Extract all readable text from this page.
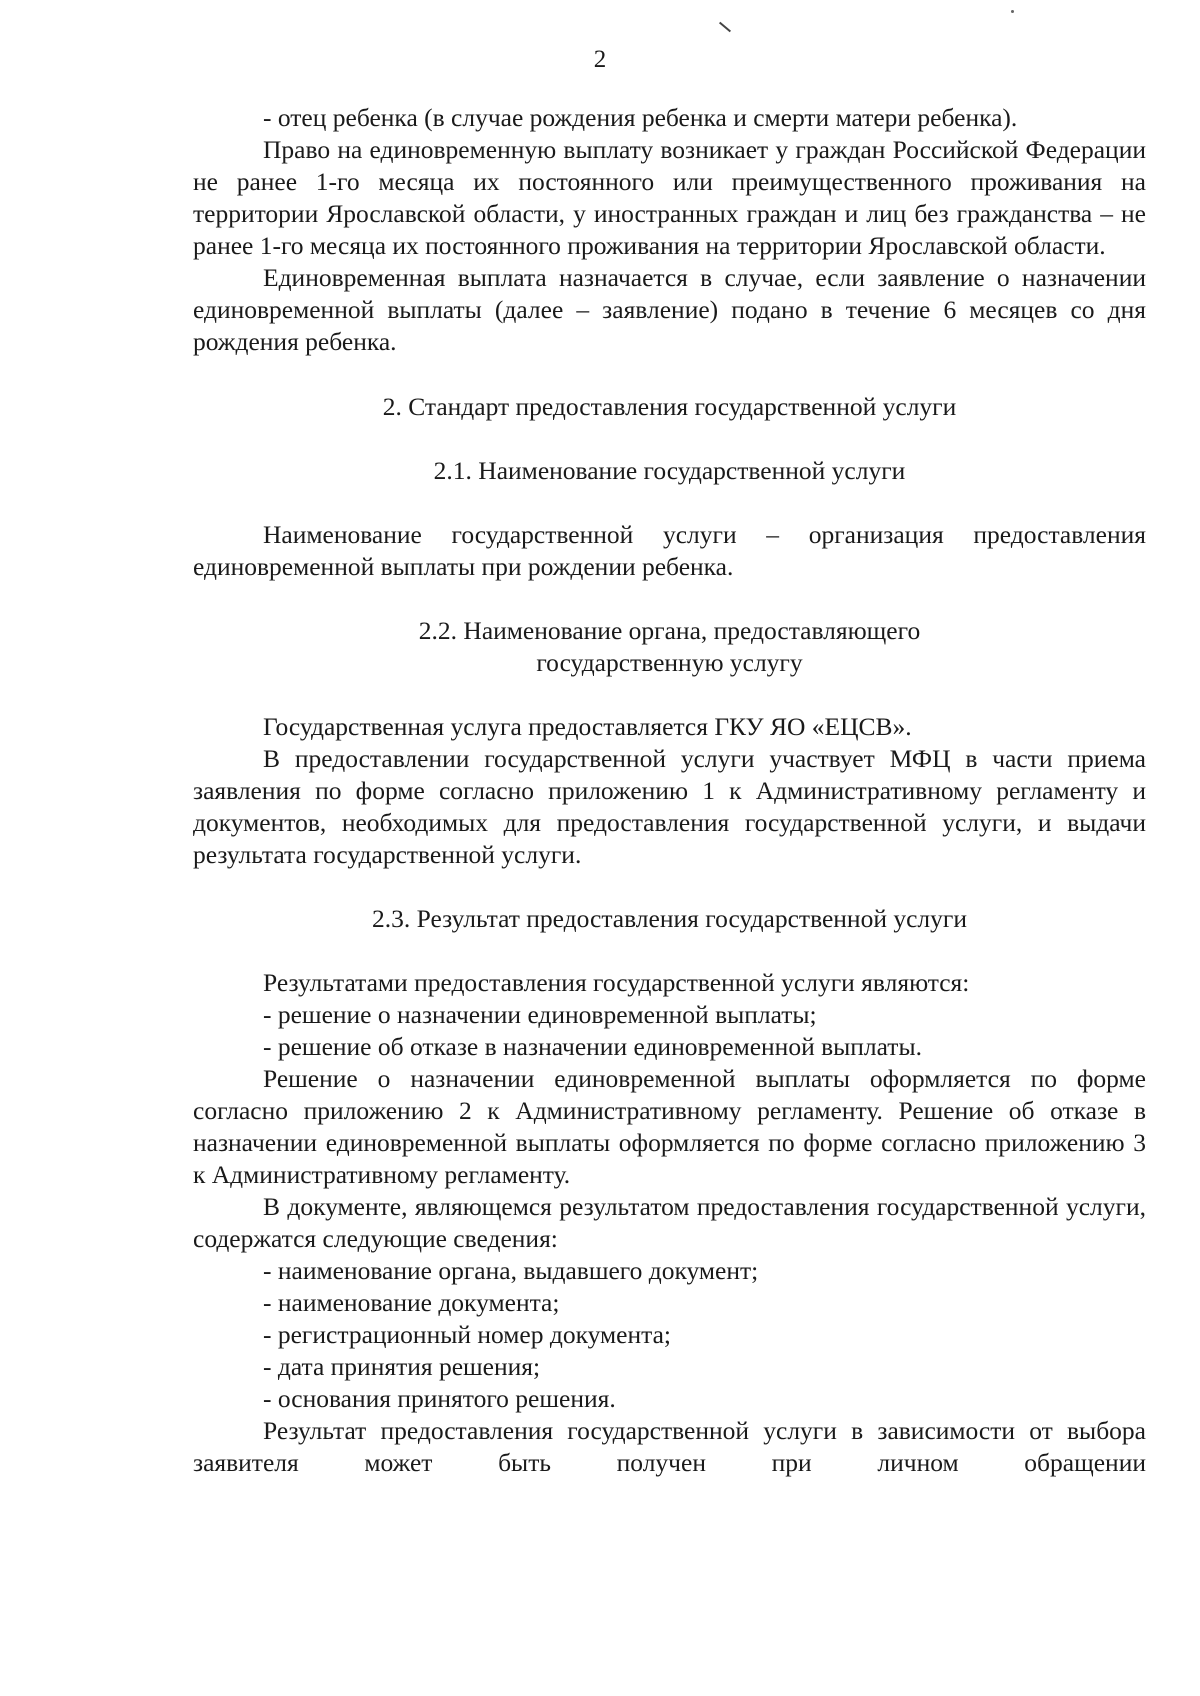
2

- отец ребенка (в случае рождения ребенка и смерти матери ребенка).

Право на единовременную выплату возникает у граждан Российской Федерации не ранее 1-го месяца их постоянного или преимущественного проживания на территории Ярославской области, у иностранных граждан и лиц без гражданства – не ранее 1-го месяца их постоянного проживания на территории Ярославской области.

Единовременная выплата назначается в случае, если заявление о назначении единовременной выплаты (далее – заявление) подано в течение 6 месяцев со дня рождения ребенка.

2. Стандарт предоставления государственной услуги

2.1. Наименование государственной услуги

Наименование государственной услуги – организация предоставления единовременной выплаты при рождении ребенка.

2.2. Наименование органа, предоставляющего

государственную услугу

Государственная услуга предоставляется ГКУ ЯО «ЕЦСВ».

В предоставлении государственной услуги участвует МФЦ в части приема заявления по форме согласно приложению 1 к Административному регламенту и документов, необходимых для предоставления государственной услуги, и выдачи результата государственной услуги.

2.3. Результат предоставления государственной услуги

Результатами предоставления государственной услуги являются:

- решение о назначении единовременной выплаты;

- решение об отказе в назначении единовременной выплаты.

Решение о назначении единовременной выплаты оформляется по форме согласно приложению 2 к Административному регламенту. Решение об отказе в назначении единовременной выплаты оформляется по форме согласно приложению 3 к Административному регламенту.

В документе, являющемся результатом предоставления государственной услуги, содержатся следующие сведения:

- наименование органа, выдавшего документ;

- наименование документа;

- регистрационный номер документа;

- дата принятия решения;

- основания принятого решения.

Результат предоставления государственной услуги в зависимости от выбора заявителя может быть получен при личном обращении
